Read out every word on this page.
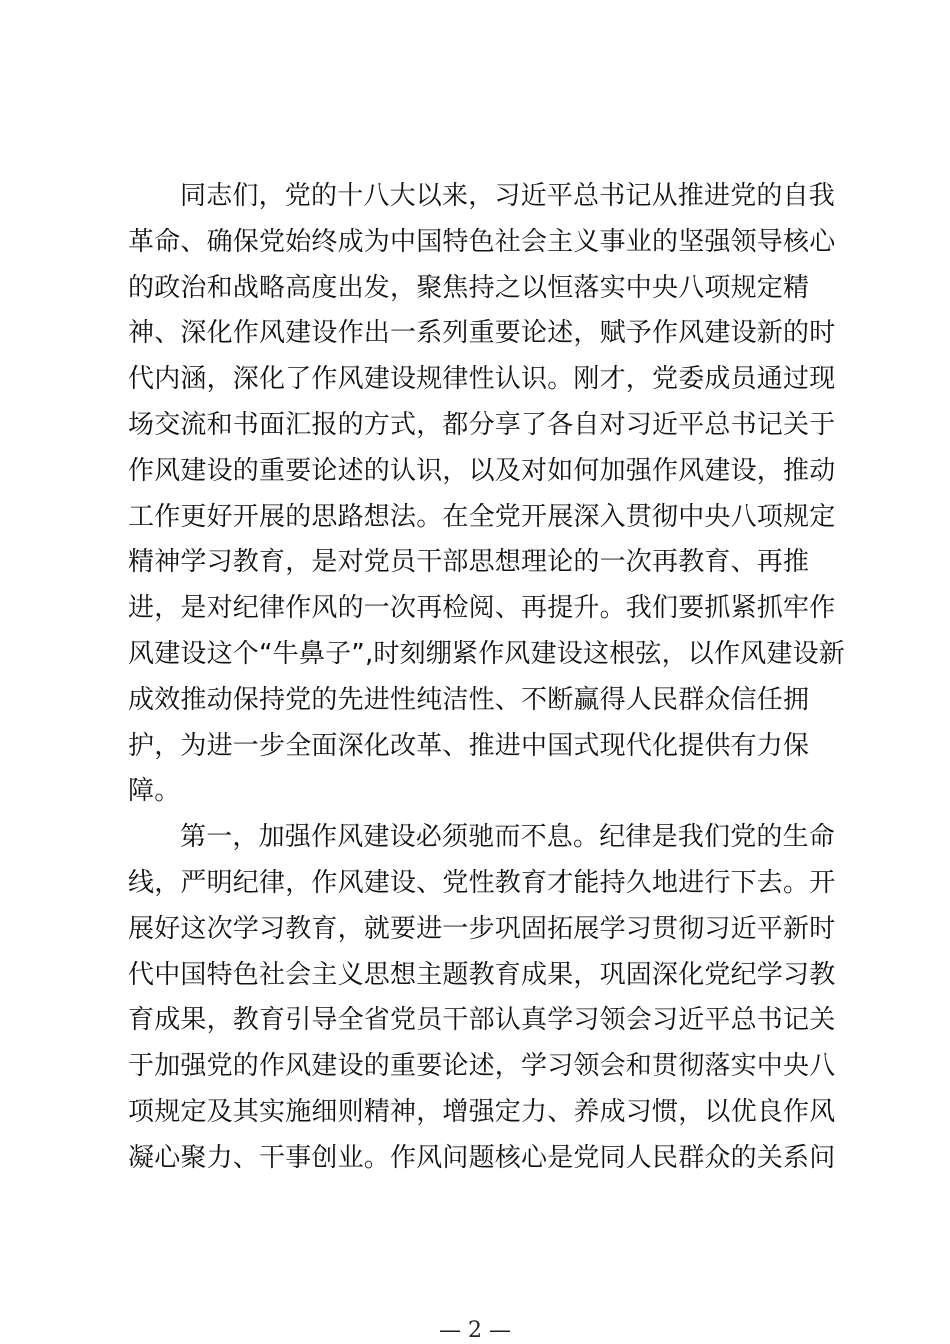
同志们，党的十八大以来，习近平总书记从推进党的自我
革命、确保党始终成为中国特色社会主义事业的坚强领导核心
的政治和战略高度出发，聚焦持之以恒落实中央八项规定精
神、深化作风建设作出一系列重要论述，赋予作风建设新的时
代内涵，深化了作风建设规律性认识。刚才，党委成员通过现
场交流和书面汇报的方式，都分享了各自对习近平总书记关于
作风建设的重要论述的认识，以及对如何加强作风建设，推动
工作更好开展的思路想法。在全党开展深入贯彻中央八项规定
精神学习教育，是对党员干部思想理论的一次再教育、再推
进，是对纪律作风的一次再检阅、再提升。我们要抓紧抓牢作
风建设这个“牛鼻子”,时刻绷紧作风建设这根弦，以作风建设新
成效推动保持党的先进性纯洁性、不断赢得人民群众信任拥
护，为进一步全面深化改革、推进中国式现代化提供有力保
障。
第一，加强作风建设必须驰而不息。纪律是我们党的生命
线，严明纪律，作风建设、党性教育才能持久地进行下去。开
展好这次学习教育，就要进一步巩固拓展学习贯彻习近平新时
代中国特色社会主义思想主题教育成果，巩固深化党纪学习教
育成果，教育引导全省党员干部认真学习领会习近平总书记关
于加强党的作风建设的重要论述，学习领会和贯彻落实中央八
项规定及其实施细则精神，增强定力、养成习惯，以优良作风
凝心聚力、干事创业。作风问题核心是党同人民群众的关系问
— 2 —
